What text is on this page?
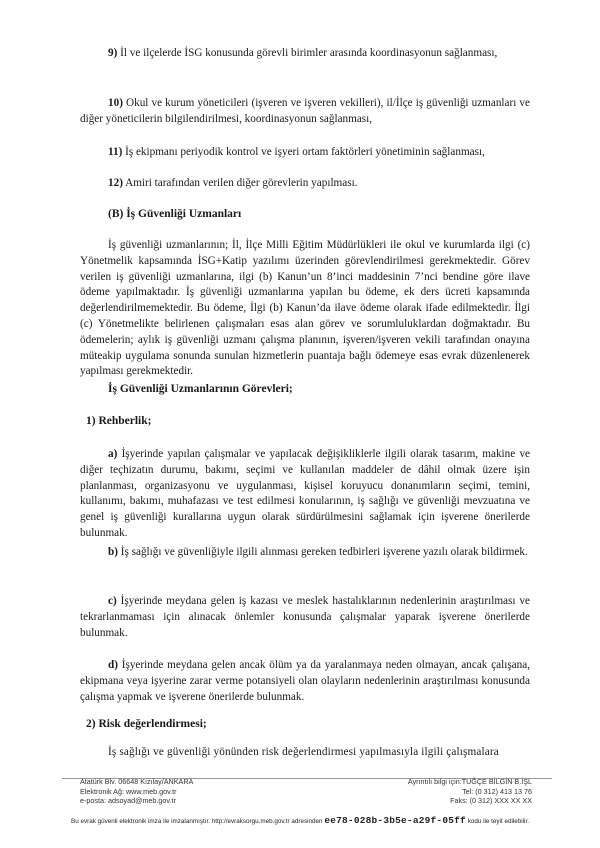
9) İl ve ilçelerde İSG konusunda görevli birimler arasında koordinasyonun sağlanması,

10) Okul ve kurum yöneticileri (işveren ve işveren vekilleri), il/İlçe iş güvenliği uzmanları ve diğer yöneticilerin bilgilendirilmesi, koordinasyonun sağlanması,

11) İş ekipmanı periyodik kontrol ve işyeri ortam faktörleri yönetiminin sağlanması,

12) Amiri tarafından verilen diğer görevlerin yapılması.

(B) İş Güvenliği Uzmanları

İş güvenliği uzmanlarının; İl, İlçe Milli Eğitim Müdürlükleri ile okul ve kurumlarda ilgi (c) Yönetmelik kapsamında İSG+Katip yazılımı üzerinden görevlendirilmesi gerekmektedir. Görev verilen iş güvenliği uzmanlarına, ilgi (b) Kanun’un 8’inci maddesinin 7’nci bendine göre ilave ödeme yapılmaktadır. İş güvenliği uzmanlarına yapılan bu ödeme, ek ders ücreti kapsamında değerlendirilmemektedir. Bu ödeme, İlgi (b) Kanun’da ilave ödeme olarak ifade edilmektedir. İlgi (c) Yönetmelikte belirlenen çalışmaları esas alan görev ve sorumluluklardan doğmaktadır. Bu ödemelerin; aylık iş güvenliği uzmanı çalışma planının, işveren/işveren vekili tarafından onayına müteakip uygulama sonunda sunulan hizmetlerin puantaja bağlı ödemeye esas evrak düzenlenerek yapılması gerekmektedir.

İş Güvenliği Uzmanlarının Görevleri;

1) Rehberlik;

a) İşyerinde yapılan çalışmalar ve yapılacak değişikliklerle ilgili olarak tasarım, makine ve diğer teçhizatın durumu, bakımı, seçimi ve kullanılan maddeler de dâhil olmak üzere işin planlanması, organizasyonu ve uygulanması, kişisel koruyucu donanımların seçimi, temini, kullanımı, bakımı, muhafazası ve test edilmesi konularının, iş sağlığı ve güvenliği mevzuatına ve genel iş güvenliği kurallarına uygun olarak sürdürülmesini sağlamak için işverene önerilerde bulunmak.

b) İş sağlığı ve güvenliğiyle ilgili alınması gereken tedbirleri işverene yazılı olarak bildirmek.

c) İşyerinde meydana gelen iş kazası ve meslek hastalıklarının nedenlerinin araştırılması ve tekrarlanmaması için alınacak önlemler konusunda çalışmalar yaparak işverene önerilerde bulunmak.

d) İşyerinde meydana gelen ancak ölüm ya da yaralanmaya neden olmayan, ancak çalışana, ekipmana veya işyerine zarar verme potansiyeli olan olayların nedenlerinin araştırılması konusunda çalışma yapmak ve işverene önerilerde bulunmak.

2) Risk değerlendirmesi;

İş sağlığı ve güvenliği yönünden risk değerlendirmesi yapılmasıyla ilgili çalışmalara

Atatürk Blv. 06648 Kızılay/ANKARA
Elektronik Ağ: www.meb.gov.tr
e-posta: adsoyad@meb.gov.tr
Ayrıntılı bilgi için:TUĞÇE BİLGİN B.İŞL
Tel: (0 312) 413 13 76
Faks: (0 312) XXX XX XX
Bu evrak güvenli elektronik imza ile imzalanmıştır. http://evraksorgu.meb.gov.tr adresinden ee78-028b-3b5e-a29f-05ff kodu ile teyit edilebilir.
